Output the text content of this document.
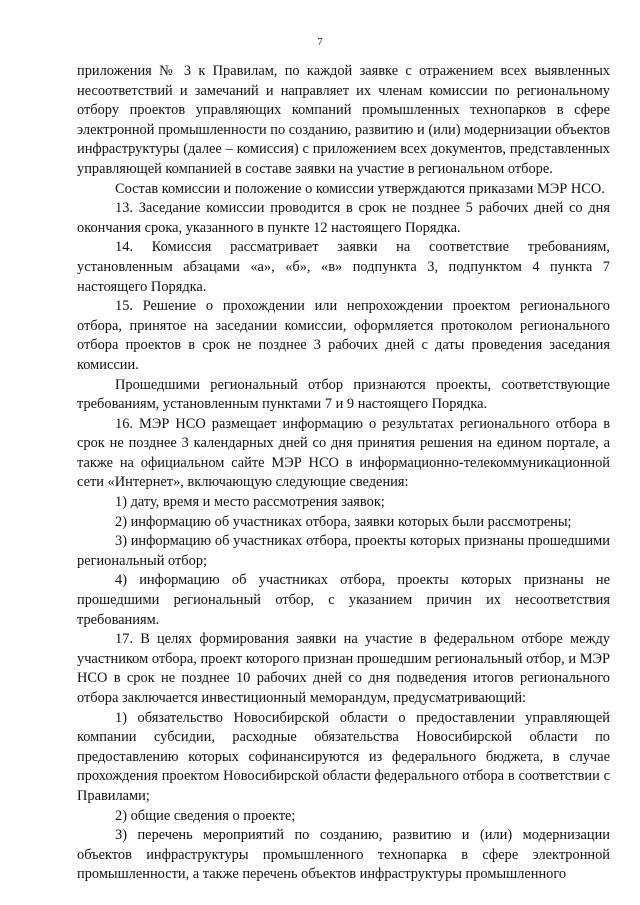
7

приложения № 3 к Правилам, по каждой заявке с отражением всех выявленных несоответствий и замечаний и направляет их членам комиссии по региональному отбору проектов управляющих компаний промышленных технопарков в сфере электронной промышленности по созданию, развитию и (или) модернизации объектов инфраструктуры (далее – комиссия) с приложением всех документов, представленных управляющей компанией в составе заявки на участие в региональном отборе.

Состав комиссии и положение о комиссии утверждаются приказами МЭР НСО.

13. Заседание комиссии проводится в срок не позднее 5 рабочих дней со дня окончания срока, указанного в пункте 12 настоящего Порядка.

14. Комиссия рассматривает заявки на соответствие требованиям, установленным абзацами «а», «б», «в» подпункта 3, подпунктом 4 пункта 7 настоящего Порядка.

15. Решение о прохождении или непрохождении проектом регионального отбора, принятое на заседании комиссии, оформляется протоколом регионального отбора проектов в срок не позднее 3 рабочих дней с даты проведения заседания комиссии.

Прошедшими региональный отбор признаются проекты, соответствующие требованиям, установленным пунктами 7 и 9 настоящего Порядка.

16. МЭР НСО размещает информацию о результатах регионального отбора в срок не позднее 3 календарных дней со дня принятия решения на едином портале, а также на официальном сайте МЭР НСО в информационно-телекоммуникационной сети «Интернет», включающую следующие сведения:

1) дату, время и место рассмотрения заявок;

2) информацию об участниках отбора, заявки которых были рассмотрены;

3) информацию об участниках отбора, проекты которых признаны прошедшими региональный отбор;

4) информацию об участниках отбора, проекты которых признаны не прошедшими региональный отбор, с указанием причин их несоответствия требованиям.

17. В целях формирования заявки на участие в федеральном отборе между участником отбора, проект которого признан прошедшим региональный отбор, и МЭР НСО в срок не позднее 10 рабочих дней со дня подведения итогов регионального отбора заключается инвестиционный меморандум, предусматривающий:

1) обязательство Новосибирской области о предоставлении управляющей компании субсидии, расходные обязательства Новосибирской области по предоставлению которых софинансируются из федерального бюджета, в случае прохождения проектом Новосибирской области федерального отбора в соответствии с Правилами;

2) общие сведения о проекте;

3) перечень мероприятий по созданию, развитию и (или) модернизации объектов инфраструктуры промышленного технопарка в сфере электронной промышленности, а также перечень объектов инфраструктуры промышленного
